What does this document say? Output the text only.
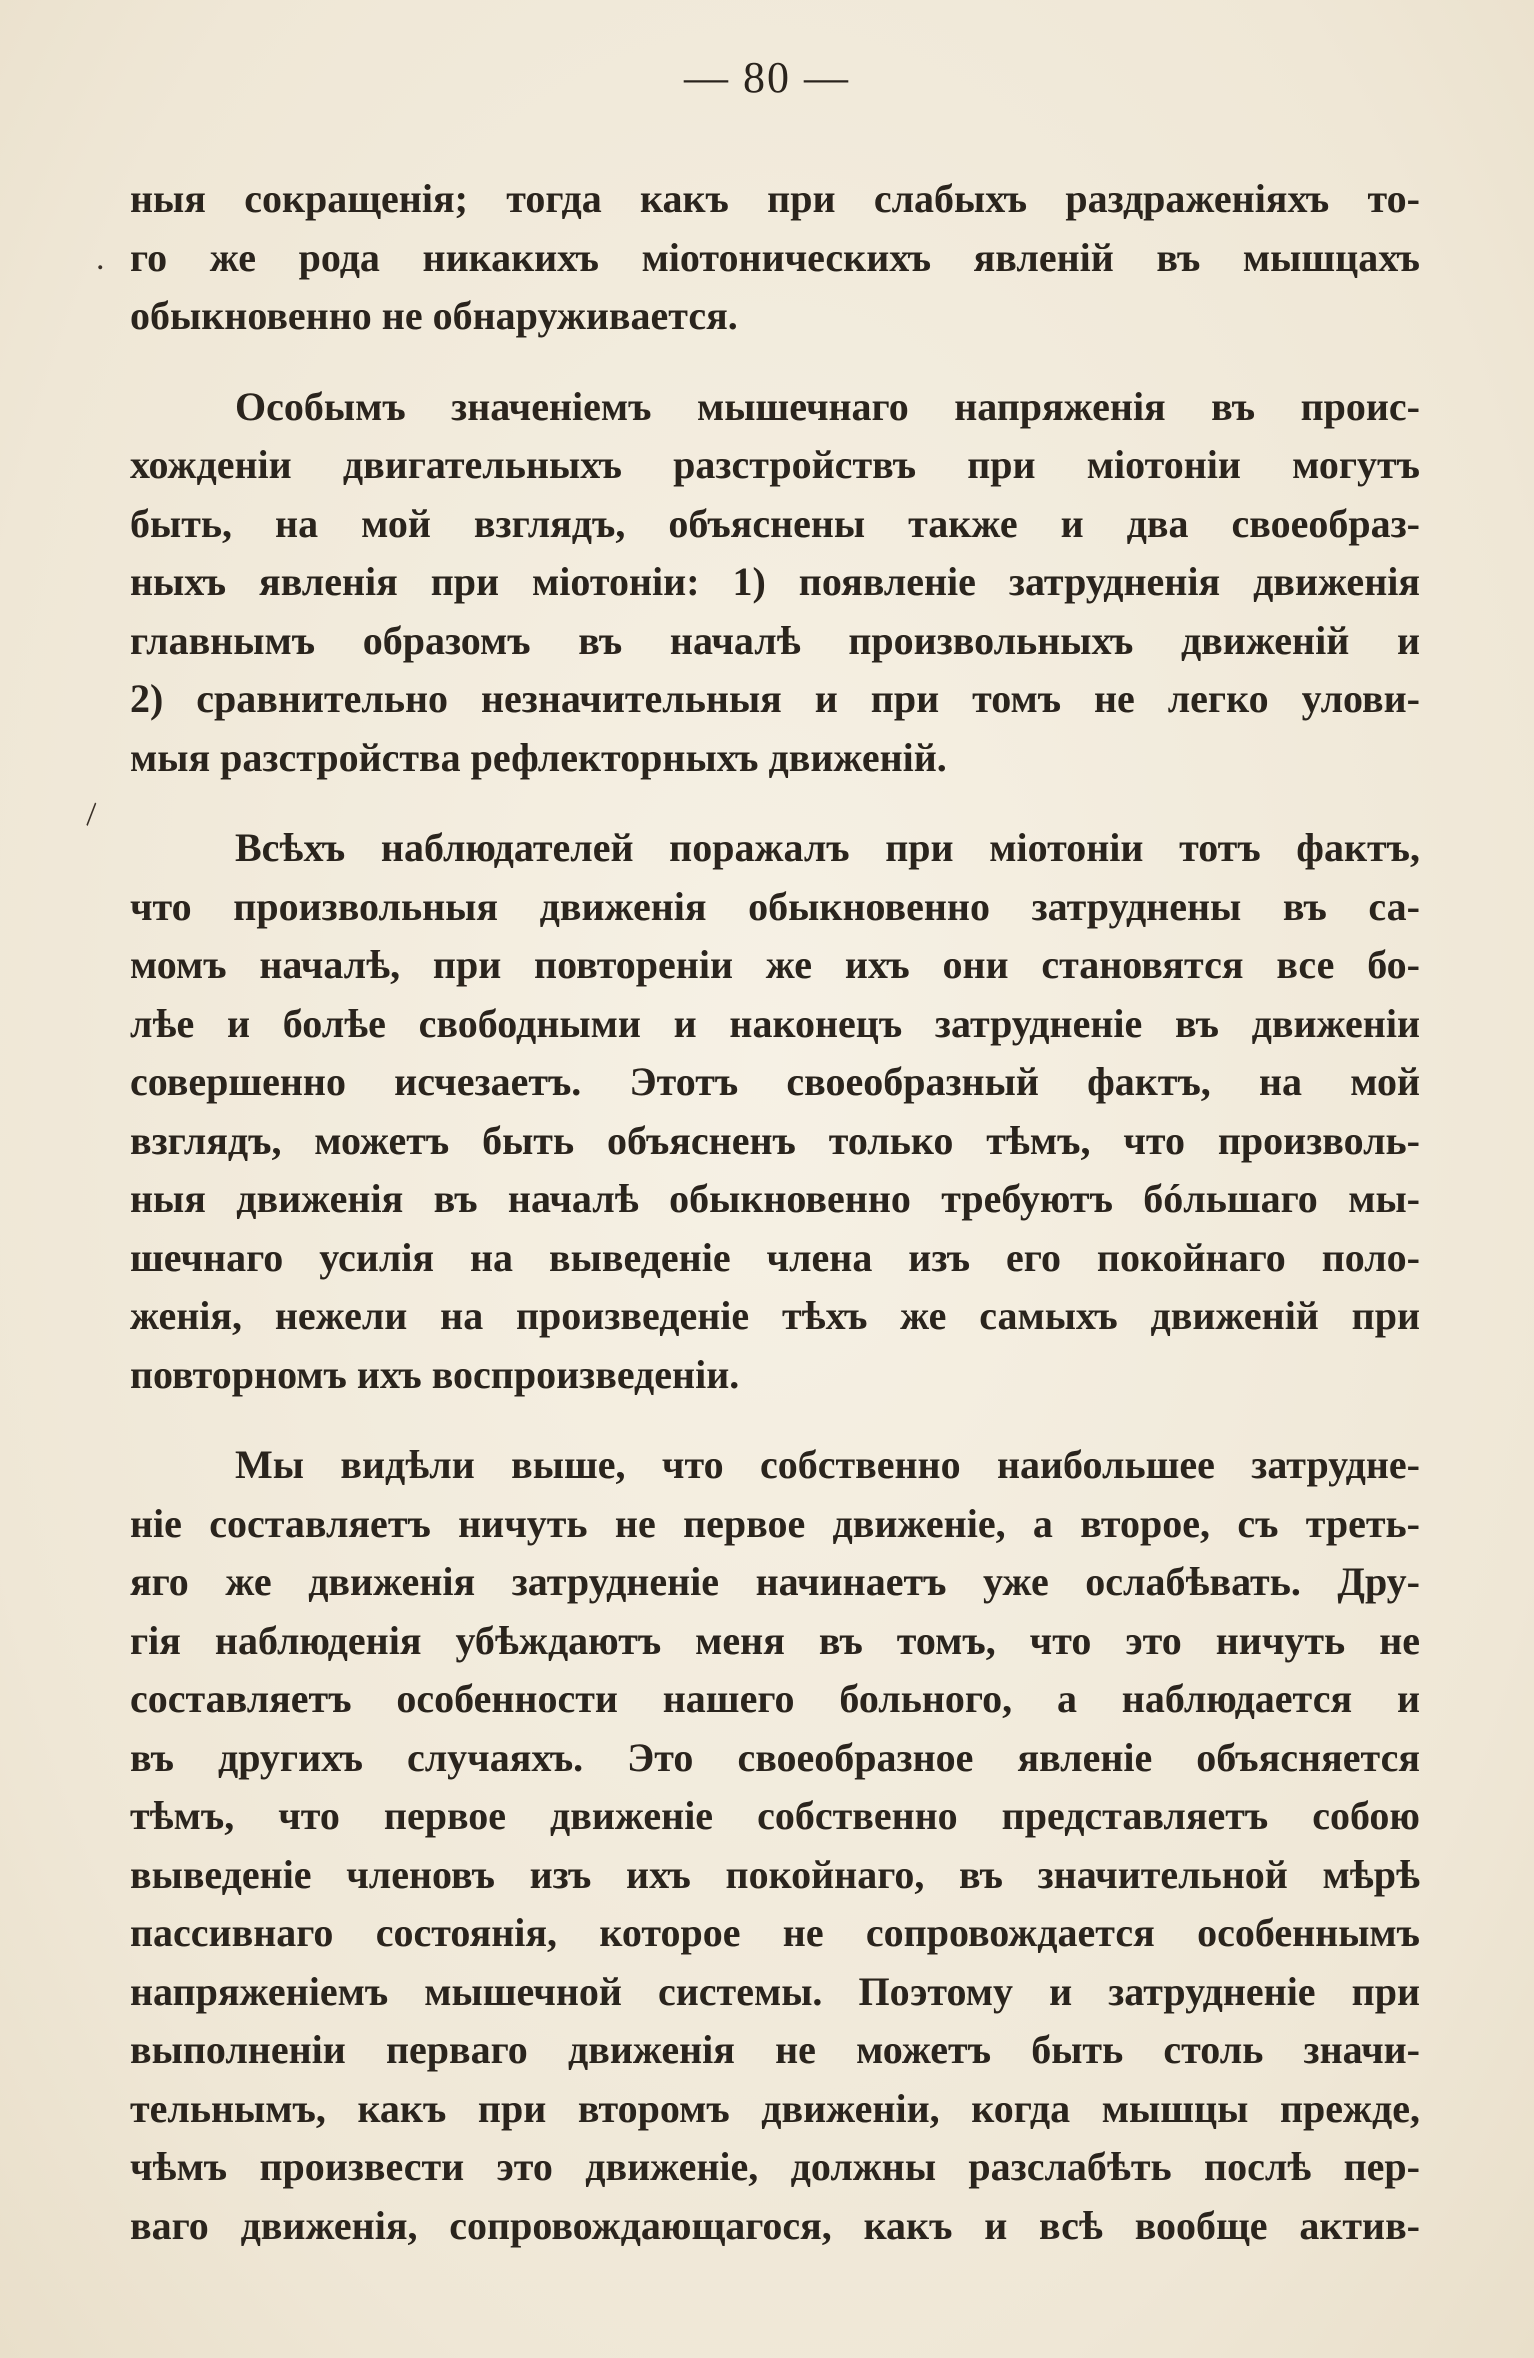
— 80 —
.
\
ныя сокращенія; тогда какъ при слабыхъ раздраженіяхъ то-
го же рода никакихъ міотоническихъ явленій въ мышцахъ
обыкновенно не обнаруживается.
Особымъ значеніемъ мышечнаго напряженія въ проис-
хожденіи двигательныхъ разстройствъ при міотоніи могутъ
быть, на мой взглядъ, объяснены также и два своеобраз-
ныхъ явленія при міотоніи: 1) появленіе затрудненія движенія
главнымъ образомъ въ началѣ произвольныхъ движеній и
2) сравнительно незначительныя и при томъ не легко улови-
мыя разстройства рефлекторныхъ движеній.
Всѣхъ наблюдателей поражалъ при міотоніи тотъ фактъ,
что произвольныя движенія обыкновенно затруднены въ са-
момъ началѣ, при повтореніи же ихъ они становятся все бо-
лѣе и болѣе свободными и наконецъ затрудненіе въ движеніи
совершенно исчезаетъ. Этотъ своеобразный фактъ, на мой
взглядъ, можетъ быть объясненъ только тѣмъ, что произволь-
ныя движенія въ началѣ обыкновенно требуютъ бóльшаго мы-
шечнаго усилія на выведеніе члена изъ его покойнаго поло-
женія, нежели на произведеніе тѣхъ же самыхъ движеній при
повторномъ ихъ воспроизведеніи.
Мы видѣли выше, что собственно наибольшее затрудне-
ніе составляетъ ничуть не первое движеніе, а второе, съ треть-
яго же движенія затрудненіе начинаетъ уже ослабѣвать. Дру-
гія наблюденія убѣждаютъ меня въ томъ, что это ничуть не
составляетъ особенности нашего больного, а наблюдается и
въ другихъ случаяхъ. Это своеобразное явленіе объясняется
тѣмъ, что первое движеніе собственно представляетъ собою
выведеніе членовъ изъ ихъ покойнаго, въ значительной мѣрѣ
пассивнаго состоянія, которое не сопровождается особеннымъ
напряженіемъ мышечной системы. Поэтому и затрудненіе при
выполненіи перваго движенія не можетъ быть столь значи-
тельнымъ, какъ при второмъ движеніи, когда мышцы прежде,
чѣмъ произвести это движеніе, должны разслабѣть послѣ пер-
ваго движенія, сопровождающагося, какъ и всѣ вообще актив-
